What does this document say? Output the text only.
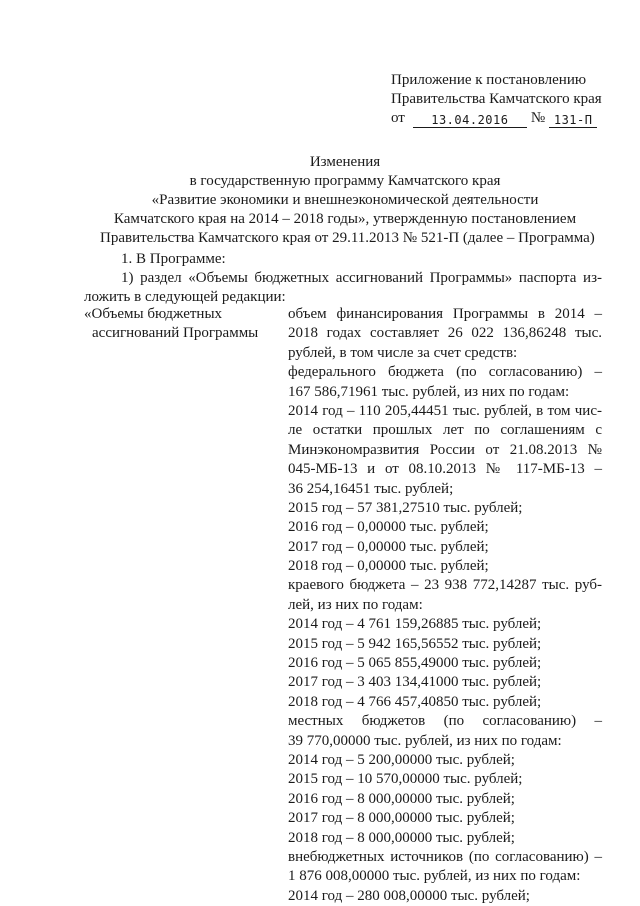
Приложение к постановлению
Правительства Камчатского края
от	13.04.2016	№ 131-П
Изменения
в государственную программу Камчатского края
«Развитие экономики и внешнеэкономической деятельности
Камчатского края на 2014 – 2018 годы», утвержденную постановлением
Правительства Камчатского края от 29.11.2013 № 521-П (далее – Программа)
1. В Программе:
1) раздел «Объемы бюджетных ассигнований Программы» паспорта из-
ложить в следующей редакции:
«Объемы бюджетных
ассигнований Программы
объем финансирования Программы в 2014 –
2018 годах составляет 26 022 136,86248 тыс.
рублей, в том числе за счет средств:
федерального бюджета (по согласованию) –
167 586,71961 тыс. рублей, из них по годам:
2014 год – 110 205,44451 тыс. рублей, в том чис-
ле остатки прошлых лет по соглашениям с
Минэкономразвития России от 21.08.2013 №
045-МБ-13 и от 08.10.2013 № 117-МБ-13 –
36 254,16451 тыс. рублей;
2015 год – 57 381,27510 тыс. рублей;
2016 год – 0,00000 тыс. рублей;
2017 год – 0,00000 тыс. рублей;
2018 год – 0,00000 тыс. рублей;
краевого бюджета – 23 938 772,14287 тыс. руб-
лей, из них по годам:
2014 год – 4 761 159,26885 тыс. рублей;
2015 год – 5 942 165,56552 тыс. рублей;
2016 год – 5 065 855,49000 тыс. рублей;
2017 год – 3 403 134,41000 тыс. рублей;
2018 год – 4 766 457,40850 тыс. рублей;
местных бюджетов (по согласованию) –
39 770,00000 тыс. рублей, из них по годам:
2014 год – 5 200,00000 тыс. рублей;
2015 год – 10 570,00000 тыс. рублей;
2016 год – 8 000,00000 тыс. рублей;
2017 год – 8 000,00000 тыс. рублей;
2018 год – 8 000,00000 тыс. рублей;
внебюджетных источников (по согласованию) –
1 876 008,00000 тыс. рублей, из них по годам:
2014 год – 280 008,00000 тыс. рублей;
